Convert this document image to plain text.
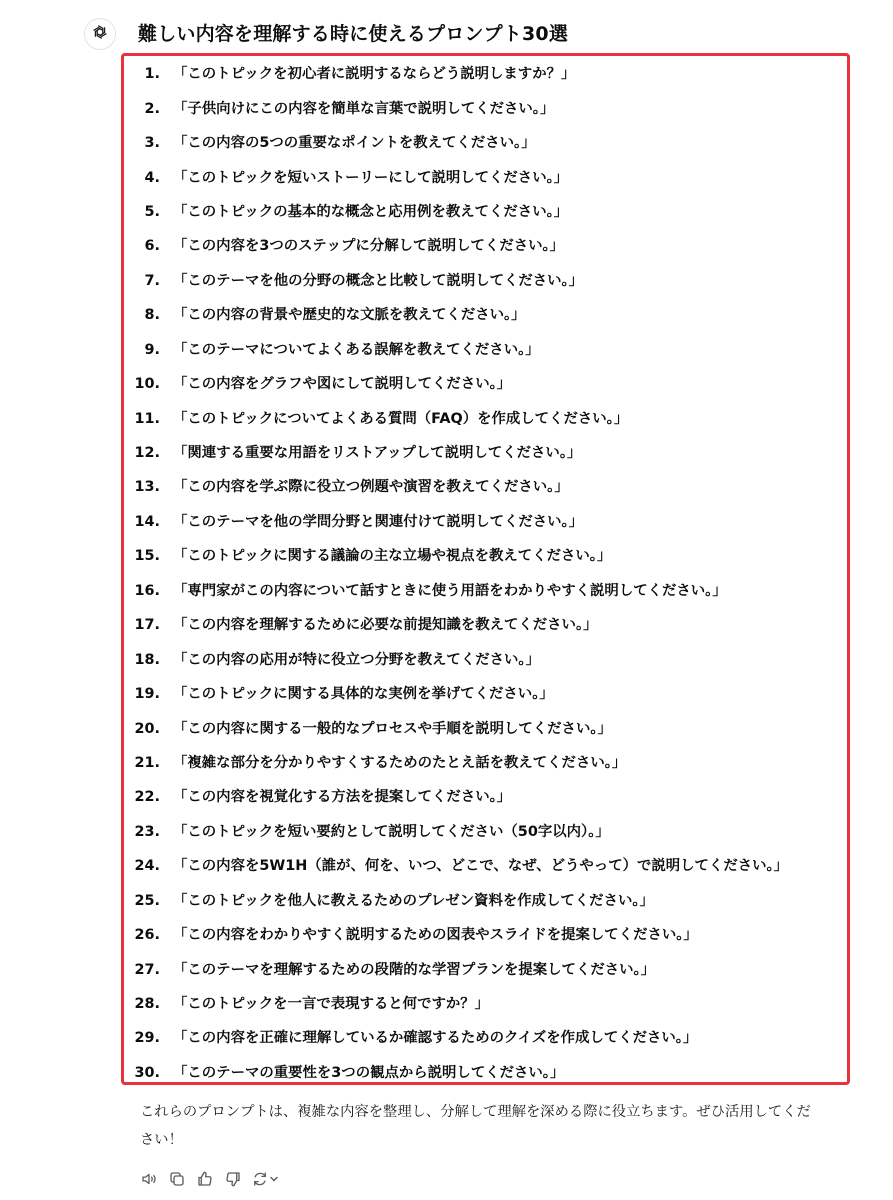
難しい内容を理解する時に使えるプロンプト30選
1. 「このトピックを初心者に説明するならどう説明しますか？」
2. 「子供向けにこの内容を簡単な言葉で説明してください。」
3. 「この内容の5つの重要なポイントを教えてください。」
4. 「このトピックを短いストーリーにして説明してください。」
5. 「このトピックの基本的な概念と応用例を教えてください。」
6. 「この内容を3つのステップに分解して説明してください。」
7. 「このテーマを他の分野の概念と比較して説明してください。」
8. 「この内容の背景や歴史的な文脈を教えてください。」
9. 「このテーマについてよくある誤解を教えてください。」
10. 「この内容をグラフや図にして説明してください。」
11. 「このトピックについてよくある質問（FAQ）を作成してください。」
12. 「関連する重要な用語をリストアップして説明してください。」
13. 「この内容を学ぶ際に役立つ例題や演習を教えてください。」
14. 「このテーマを他の学問分野と関連付けて説明してください。」
15. 「このトピックに関する議論の主な立場や視点を教えてください。」
16. 「専門家がこの内容について話すときに使う用語をわかりやすく説明してください。」
17. 「この内容を理解するために必要な前提知識を教えてください。」
18. 「この内容の応用が特に役立つ分野を教えてください。」
19. 「このトピックに関する具体的な実例を挙げてください。」
20. 「この内容に関する一般的なプロセスや手順を説明してください。」
21. 「複雑な部分を分かりやすくするためのたとえ話を教えてください。」
22. 「この内容を視覚化する方法を提案してください。」
23. 「このトピックを短い要約として説明してください（50字以内）。」
24. 「この内容を5W1H（誰が、何を、いつ、どこで、なぜ、どうやって）で説明してください。」
25. 「このトピックを他人に教えるためのプレゼン資料を作成してください。」
26. 「この内容をわかりやすく説明するための図表やスライドを提案してください。」
27. 「このテーマを理解するための段階的な学習プランを提案してください。」
28. 「このトピックを一言で表現すると何ですか？」
29. 「この内容を正確に理解しているか確認するためのクイズを作成してください。」
30. 「このテーマの重要性を3つの観点から説明してください。」

これらのプロンプトは、複雑な内容を整理し、分解して理解を深める際に役立ちます。ぜひ活用してください！
